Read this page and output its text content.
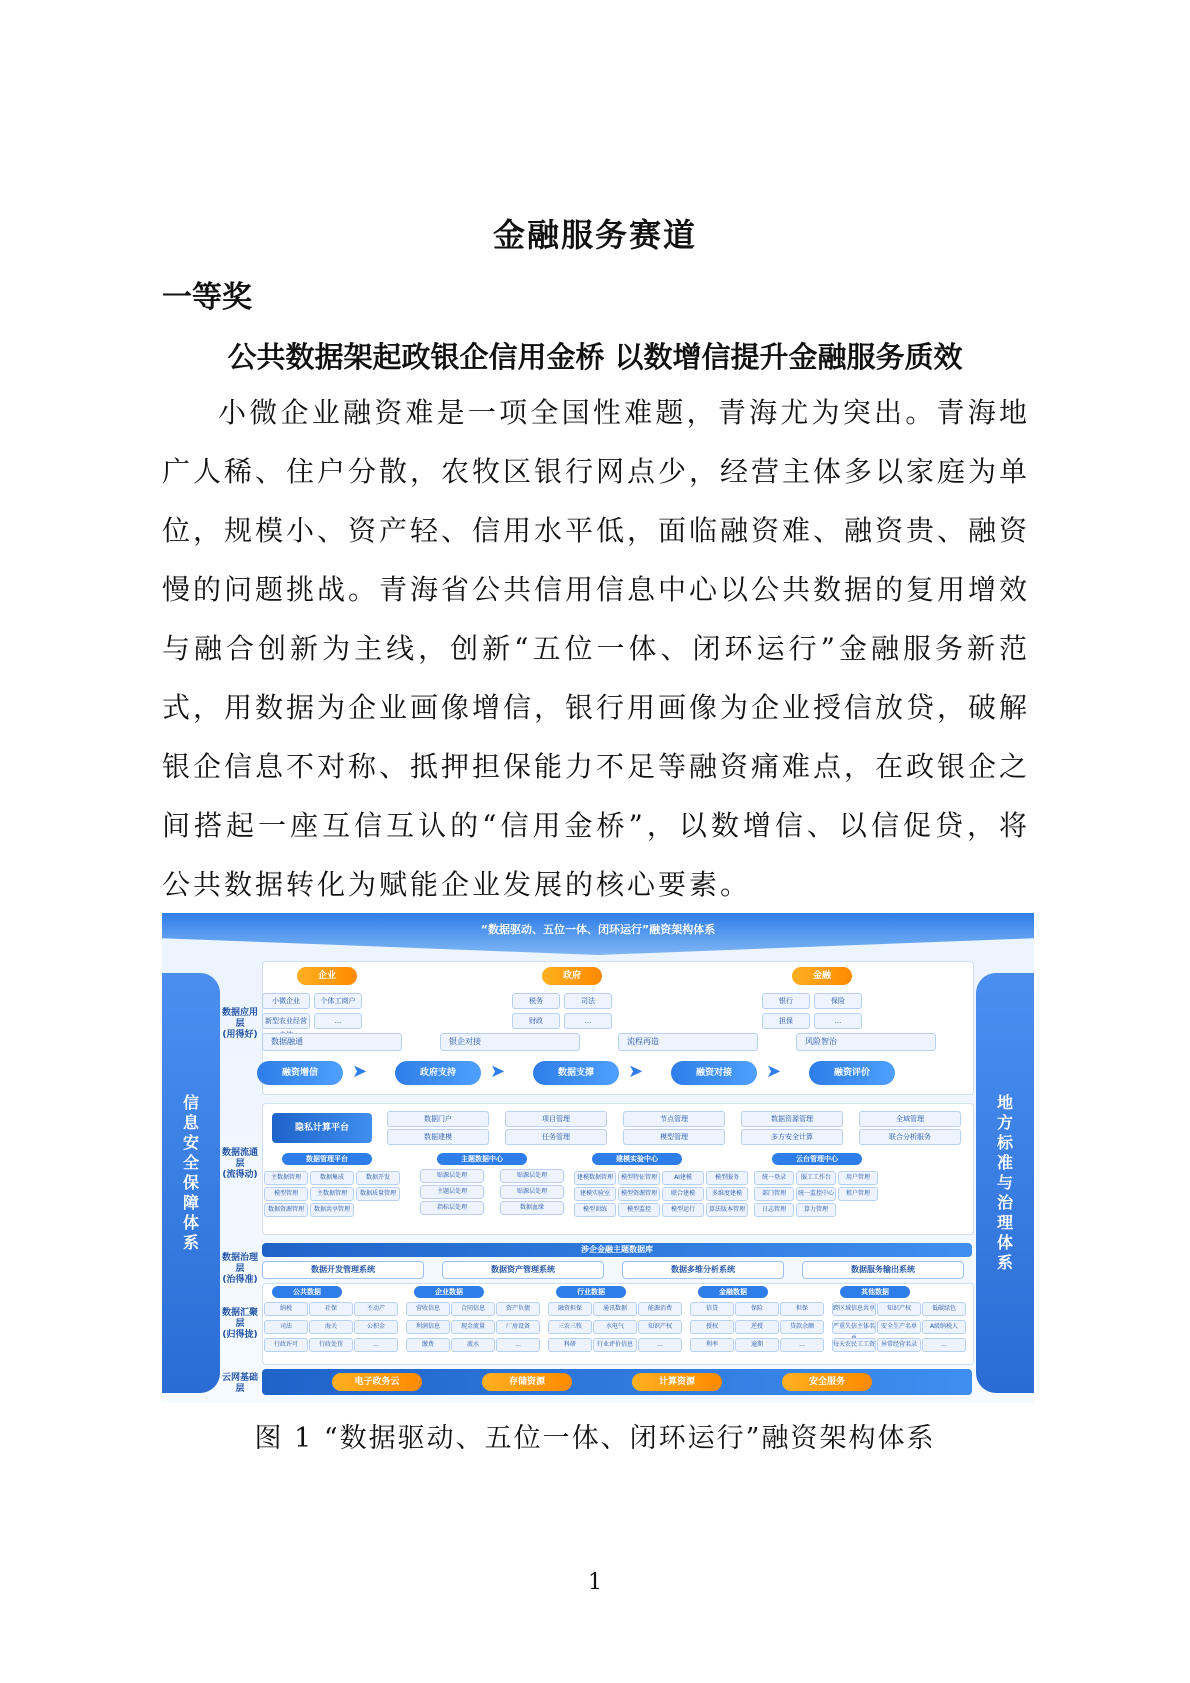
金融服务赛道
一等奖
公共数据架起政银企信用金桥 以数增信提升金融服务质效

小微企业融资难是一项全国性难题，青海尤为突出。青海地广人稀、住户分散，农牧区银行网点少，经营主体多以家庭为单位，规模小、资产轻、信用水平低，面临融资难、融资贵、融资慢的问题挑战。青海省公共信用信息中心以公共数据的复用增效与融合创新为主线，创新“五位一体、闭环运行”金融服务新范式，用数据为企业画像增信，银行用画像为企业授信放贷，破解银企信息不对称、抵押担保能力不足等融资痛难点，在政银企之间搭起一座互信互认的“信用金桥”，以数增信、以信促贷，将公共数据转化为赋能企业发展的核心要素。

“数据驱动、五位一体、闭环运行”融资架构体系
信
息
安
全
保
障
体
系
地
方
标
准
与
治
理
体
系
数据应用层
(用得好)
企业	政府	金融
小微企业	个体工商户
新型农业经营	...
税务	司法
财政	...
银行	保险
担保	...
数据融通	银企对接	流程再造	风险智治
融资增信	➤	政府支持	➤	数据支撑	➤	融资对接	➤	融资评价
数据流通层
(流得动)
隐私计算平台
数据门户	项目管理	节点管理	数据资源管理	全域管理
数据建模	任务管理	模型管理	多方安全计算	联合分析服务
数据管理平台	主题数据中心	建模实验中心	云台管理中心
主数据管理	数据集成	数据开发
模型管理	主数据管理	数据质量管理
数据资源管理	数据共享管理
贴源层处理
主题层处理
指标层处理
贴源层处理
贴源层处理
数据血缘
建模数据管理	模型特征管理	AI建模	模型服务
建模实验室	模型资源管理	联合建模	多维度建模
模型训练	模型监控	模型运行	算法版本管理
统一登录	服工工作台	用户管理
部门管理	统一监控中心	租户管理
日志管理	算力管理
数据治理层
(治得准)
涉企金融主题数据库
数据开发管理系统	数据资产管理系统	数据多维分析系统	数据服务输出系统
数据汇聚层
(归得拢)
公共数据	企业数据	行业数据	金融数据	其他数据
纳税	社保	不动产
司法	海关	公积金
行政许可	行政处罚	...
营收信息	合同信息	资产负债
利润信息	现金流量	厂房设备
缴费	流水	...
融资担保	通讯数据	能源消费
三农三牧	水电气	知识产权
科研	行业评价信息	...
信贷	保险	担保
授权	逆授	贷款余额
利率	逾期	...
跨区域信息共享	知识产权	低碳绿色
严重失信主体名 安全生产名单	A级纳税人
每天农民工工资 异常经营名录	...
云网基础层
电子政务云	存储资源	计算资源	安全服务
图 1 “数据驱动、五位一体、闭环运行”融资架构体系
1
